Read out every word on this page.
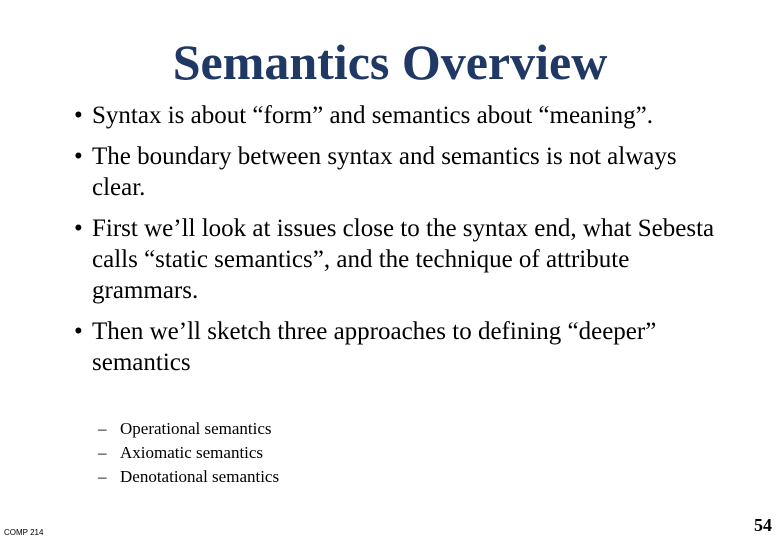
Semantics Overview
• Syntax is about “form” and semantics about “meaning”.
• The boundary between syntax and semantics is not always clear.
• First we’ll look at issues close to the syntax end, what Sebesta calls “static semantics”, and the technique of attribute grammars.
• Then we’ll sketch three approaches to defining “deeper” semantics
– Operational semantics
– Axiomatic semantics
– Denotational semantics
COMP 214	54
